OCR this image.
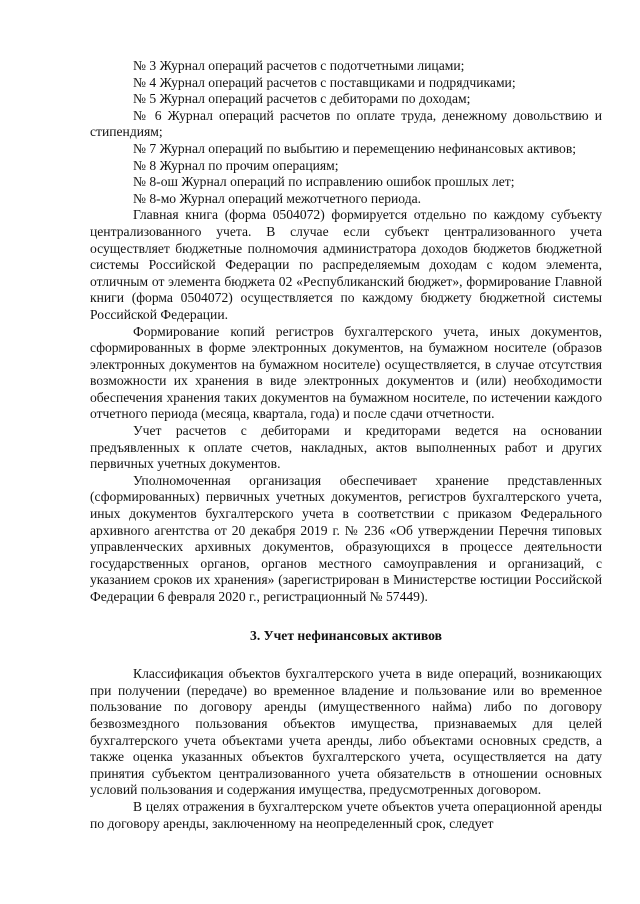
№ 3 Журнал операций расчетов с подотчетными лицами;

№ 4 Журнал операций расчетов с поставщиками и подрядчиками;

№ 5 Журнал операций расчетов с дебиторами по доходам;

№ 6 Журнал операций расчетов по оплате труда, денежному довольствию и стипендиям;

№ 7 Журнал операций по выбытию и перемещению нефинансовых активов;

№ 8 Журнал по прочим операциям;

№ 8-ош Журнал операций по исправлению ошибок прошлых лет;

№ 8-мо Журнал операций межотчетного периода.

Главная книга (форма 0504072) формируется отдельно по каждому субъекту централизованного учета. В случае если субъект централизованного учета осуществляет бюджетные полномочия администратора доходов бюджетов бюджетной системы Российской Федерации по распределяемым доходам с кодом элемента, отличным от элемента бюджета 02 «Республиканский бюджет», формирование Главной книги (форма 0504072) осуществляется по каждому бюджету бюджетной системы Российской Федерации.

Формирование копий регистров бухгалтерского учета, иных документов, сформированных в форме электронных документов, на бумажном носителе (образов электронных документов на бумажном носителе) осуществляется, в случае отсутствия возможности их хранения в виде электронных документов и (или) необходимости обеспечения хранения таких документов на бумажном носителе, по истечении каждого отчетного периода (месяца, квартала, года) и после сдачи отчетности.

Учет расчетов с дебиторами и кредиторами ведется на основании предъявленных к оплате счетов, накладных, актов выполненных работ и других первичных учетных документов.

Уполномоченная организация обеспечивает хранение представленных (сформированных) первичных учетных документов, регистров бухгалтерского учета, иных документов бухгалтерского учета в соответствии с приказом Федерального архивного агентства от 20 декабря 2019 г. № 236 «Об утверждении Перечня типовых управленческих архивных документов, образующихся в процессе деятельности государственных органов, органов местного самоуправления и организаций, с указанием сроков их хранения» (зарегистрирован в Министерстве юстиции Российской Федерации 6 февраля 2020 г., регистрационный № 57449).

3. Учет нефинансовых активов

Классификация объектов бухгалтерского учета в виде операций, возникающих при получении (передаче) во временное владение и пользование или во временное пользование по договору аренды (имущественного найма) либо по договору безвозмездного пользования объектов имущества, признаваемых для целей бухгалтерского учета объектами учета аренды, либо объектами основных средств, а также оценка указанных объектов бухгалтерского учета, осуществляется на дату принятия субъектом централизованного учета обязательств в отношении основных условий пользования и содержания имущества, предусмотренных договором.

В целях отражения в бухгалтерском учете объектов учета операционной аренды по договору аренды, заключенному на неопределенный срок, следует
